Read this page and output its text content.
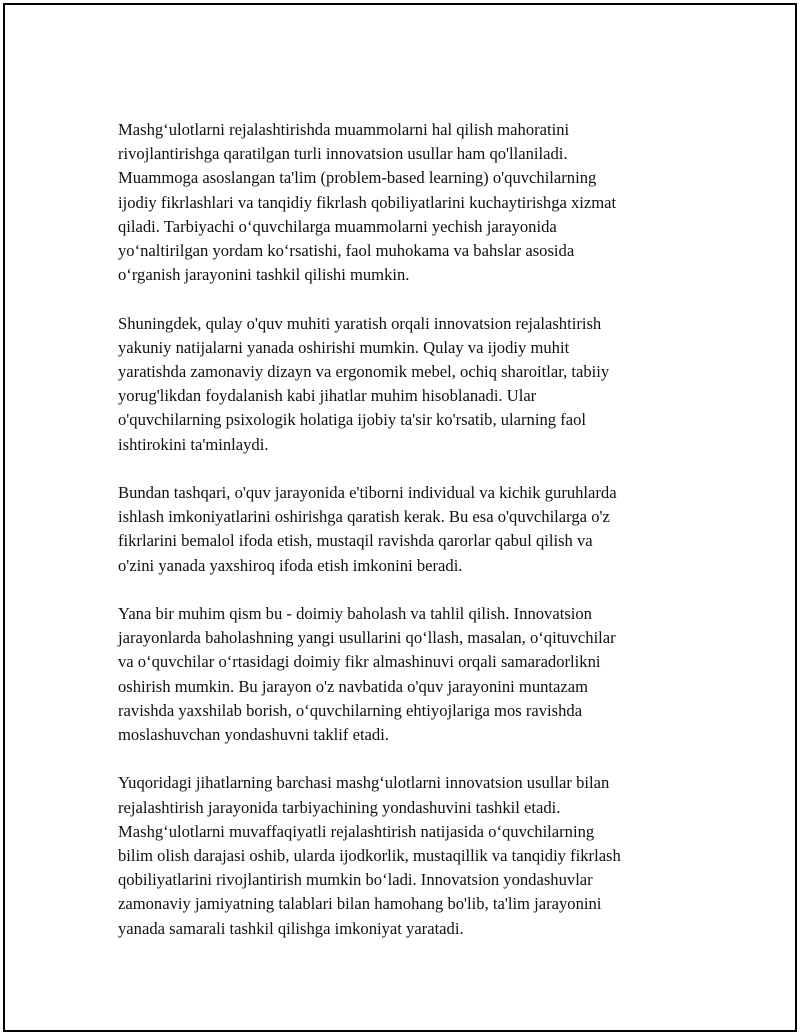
Mashg‘ulotlarni rejalashtirishda muammolarni hal qilish mahoratini
rivojlantirishga qaratilgan turli innovatsion usullar ham qo'llaniladi.
Muammoga asoslangan ta'lim (problem-based learning) o'quvchilarning
ijodiy fikrlashlari va tanqidiy fikrlash qobiliyatlarini kuchaytirishga xizmat
qiladi. Tarbiyachi o‘quvchilarga muammolarni yechish jarayonida
yo‘naltirilgan yordam ko‘rsatishi, faol muhokama va bahslar asosida
o‘rganish jarayonini tashkil qilishi mumkin.

Shuningdek, qulay o'quv muhiti yaratish orqali innovatsion rejalashtirish
yakuniy natijalarni yanada oshirishi mumkin. Qulay va ijodiy muhit
yaratishda zamonaviy dizayn va ergonomik mebel, ochiq sharoitlar, tabiiy
yorug'likdan foydalanish kabi jihatlar muhim hisoblanadi. Ular
o'quvchilarning psixologik holatiga ijobiy ta'sir ko'rsatib, ularning faol
ishtirokini ta'minlaydi.

Bundan tashqari, o'quv jarayonida e'tiborni individual va kichik guruhlarda
ishlash imkoniyatlarini oshirishga qaratish kerak. Bu esa o'quvchilarga o'z
fikrlarini bemalol ifoda etish, mustaqil ravishda qarorlar qabul qilish va
o'zini yanada yaxshiroq ifoda etish imkonini beradi.

Yana bir muhim qism bu - doimiy baholash va tahlil qilish. Innovatsion
jarayonlarda baholashning yangi usullarini qo‘llash, masalan, o‘qituvchilar
va o‘quvchilar o‘rtasidagi doimiy fikr almashinuvi orqali samaradorlikni
oshirish mumkin. Bu jarayon o'z navbatida o'quv jarayonini muntazam
ravishda yaxshilab borish, o‘quvchilarning ehtiyojlariga mos ravishda
moslashuvchan yondashuvni taklif etadi.

Yuqoridagi jihatlarning barchasi mashg‘ulotlarni innovatsion usullar bilan
rejalashtirish jarayonida tarbiyachining yondashuvini tashkil etadi.
Mashg‘ulotlarni muvaffaqiyatli rejalashtirish natijasida o‘quvchilarning
bilim olish darajasi oshib, ularda ijodkorlik, mustaqillik va tanqidiy fikrlash
qobiliyatlarini rivojlantirish mumkin bo‘ladi. Innovatsion yondashuvlar
zamonaviy jamiyatning talablari bilan hamohang bo'lib, ta'lim jarayonini
yanada samarali tashkil qilishga imkoniyat yaratadi.
